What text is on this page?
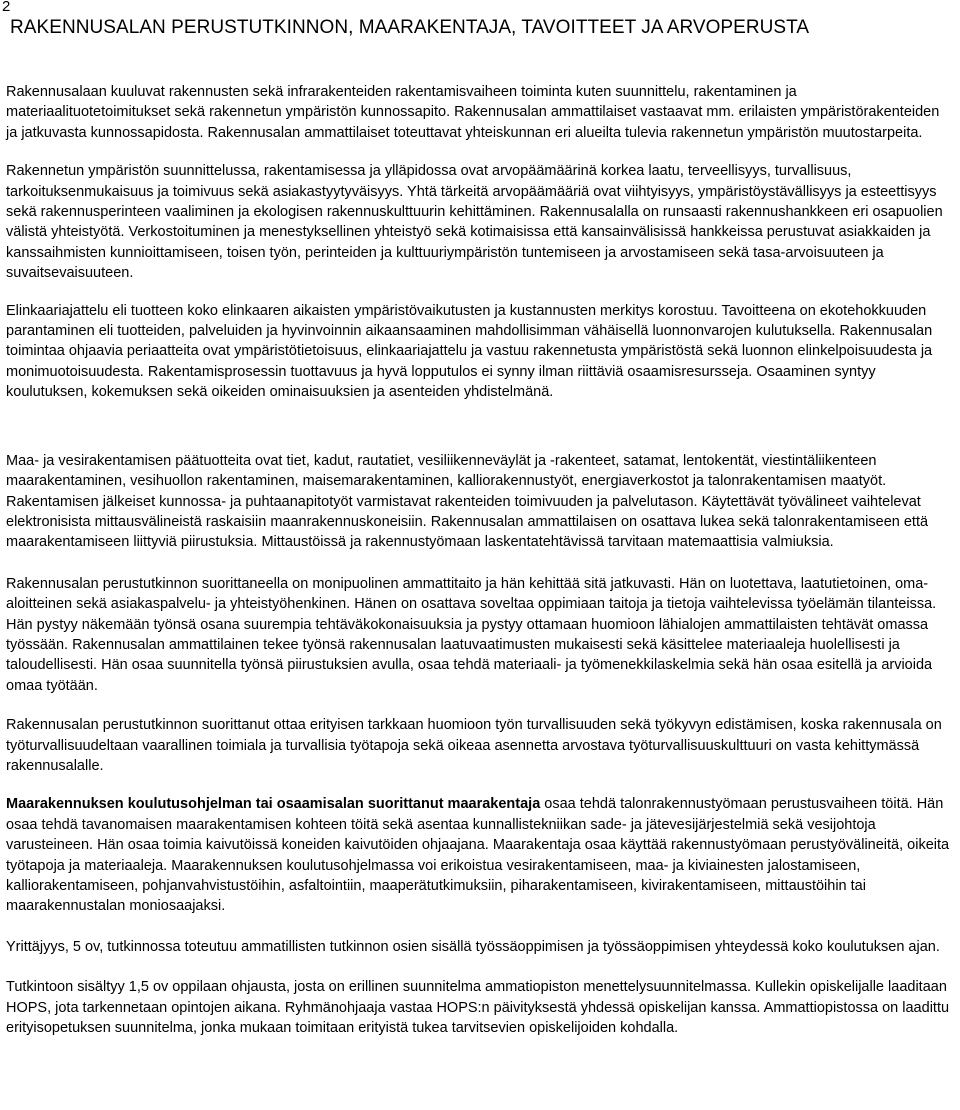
2
RAKENNUSALAN PERUSTUTKINNON, MAARAKENTAJA, TAVOITTEET JA ARVOPERUSTA

Rakennusalaan kuuluvat rakennusten sekä infrarakenteiden rakentamisvaiheen toiminta kuten suunnittelu, rakentaminen ja materiaalituotetoimitukset sekä rakennetun ympäristön kunnossapito. Rakennusalan ammattilaiset vastaavat mm. erilaisten ympäristörakenteiden ja jatkuvasta kunnossapidosta. Rakennusalan ammattilaiset toteuttavat yhteiskunnan eri alueilta tulevia rakennetun ympäristön muutostarpeita.

Rakennetun ympäristön suunnittelussa, rakentamisessa ja ylläpidossa ovat arvopäämäärinä korkea laatu, terveellisyys, turvallisuus, tarkoituksenmukaisuus ja toimivuus sekä asiakastyytyväisyys. Yhtä tärkeitä arvopäämääriä ovat viihtyisyys, ympäristöystävällisyys ja esteettisyys sekä rakennusperinteen vaaliminen ja ekologisen rakennuskulttuurin kehittäminen. Rakennusalalla on runsaasti rakennushankkeen eri osapuolien välistä yhteistyötä. Verkostoituminen ja menestyksellinen yhteistyö sekä kotimaisissa että kansainvälisissä hankkeissa perustuvat asiakkaiden ja kanssaihmisten kunnioittamiseen, toisen työn, perinteiden ja kulttuuriympäristön tuntemiseen ja arvostamiseen sekä tasa-arvoisuuteen ja suvaitsevaisuuteen.

Elinkaariajattelu eli tuotteen koko elinkaaren aikaisten ympäristövaikutusten ja kustannusten merkitys korostuu. Tavoitteena on ekotehokkuuden parantaminen eli tuotteiden, palveluiden ja hyvinvoinnin aikaansaaminen mahdollisimman vähäisellä luonnonvarojen kulutuksella. Rakennusalan toimintaa ohjaavia periaatteita ovat ympäristötietoisuus, elinkaariajattelu ja vastuu rakennetusta ympäristöstä sekä luonnon elinkelpoisuudesta ja monimuotoisuudesta. Rakentamisprosessin tuottavuus ja hyvä lopputulos ei synny ilman riittäviä osaamisresursseja. Osaaminen syntyy koulutuksen, kokemuksen sekä oikeiden ominaisuuksien ja asenteiden yhdistelmänä.

Maa- ja vesirakentamisen päätuotteita ovat tiet, kadut, rautatiet, vesiliikenneväylät ja -rakenteet, satamat, lentokentät, viestintäliikenteen maarakentaminen, vesihuollon rakentaminen, maisemarakentaminen, kalliorakennustyöt, energiaverkostot ja talonrakentamisen maatyöt. Rakentamisen jälkeiset kunnossa- ja puhtaanapitotyöt varmistavat rakenteiden toimivuuden ja palvelutason. Käytettävät työvälineet vaihtelevat elektronisista mittausvälineistä raskaisiin maanrakennuskoneisiin. Rakennusalan ammattilaisen on osattava lukea sekä talonrakentamiseen että maarakentamiseen liittyviä piirustuksia. Mittaustöissä ja rakennustyömaan laskentatehtävissä tarvitaan matemaattisia valmiuksia.

Rakennusalan perustutkinnon suorittaneella on monipuolinen ammattitaito ja hän kehittää sitä jatkuvasti. Hän on luotettava, laatutietoinen, oma-aloitteinen sekä asiakaspalvelu- ja yhteistyöhenkinen. Hänen on osattava soveltaa oppimiaan taitoja ja tietoja vaihtelevissa työelämän tilanteissa. Hän pystyy näkemään työnsä osana suurempia tehtäväkokonaisuuksia ja pystyy ottamaan huomioon lähialojen ammattilaisten tehtävät omassa työssään. Rakennusalan ammattilainen tekee työnsä rakennusalan laatuvaatimusten mukaisesti sekä käsittelee materiaaleja huolellisesti ja taloudellisesti. Hän osaa suunnitella työnsä piirustuksien avulla, osaa tehdä materiaali- ja työmenekkilaskelmia sekä hän osaa esitellä ja arvioida omaa työtään.

Rakennusalan perustutkinnon suorittanut ottaa erityisen tarkkaan huomioon työn turvallisuuden sekä työkyvyn edistämisen, koska rakennusala on työturvallisuudeltaan vaarallinen toimiala ja turvallisia työtapoja sekä oikeaa asennetta arvostava työturvallisuuskulttuuri on vasta kehittymässä rakennusalalle.

Maarakennuksen koulutusohjelman tai osaamisalan suorittanut maarakentaja osaa tehdä talonrakennustyömaan perustusvaiheen töitä. Hän osaa tehdä tavanomaisen maarakentamisen kohteen töitä sekä asentaa kunnallistekniikan sade- ja jätevesijärjestelmiä sekä vesijohtoja varusteineen. Hän osaa toimia kaivutöissä koneiden kaivutöiden ohjaajana. Maarakentaja osaa käyttää rakennustyömaan perustyövälineitä, oikeita työtapoja ja materiaaleja. Maarakennuksen koulutusohjelmassa voi erikoistua vesirakentamiseen, maa- ja kiviainesten jalostamiseen, kalliorakentamiseen, pohjanvahvistustöihin, asfaltointiin, maaperätutkimuksiin, piharakentamiseen, kivirakentamiseen, mittaustöihin tai maarakennustalan moniosaajaksi.

Yrittäjyys, 5 ov, tutkinnossa toteutuu ammatillisten tutkinnon osien sisällä työssäoppimisen ja työssäoppimisen yhteydessä koko koulutuksen ajan.

Tutkintoon sisältyy 1,5 ov oppilaan ohjausta, josta on erillinen suunnitelma ammatiopiston menettelysuunnitelmassa. Kullekin opiskelijalle laaditaan HOPS, jota tarkennetaan opintojen aikana. Ryhmänohjaaja vastaa HOPS:n päivityksestä yhdessä opiskelijan kanssa. Ammattiopistossa on laadittu erityisopetuksen suunnitelma, jonka mukaan toimitaan erityistä tukea tarvitsevien opiskelijoiden kohdalla.
